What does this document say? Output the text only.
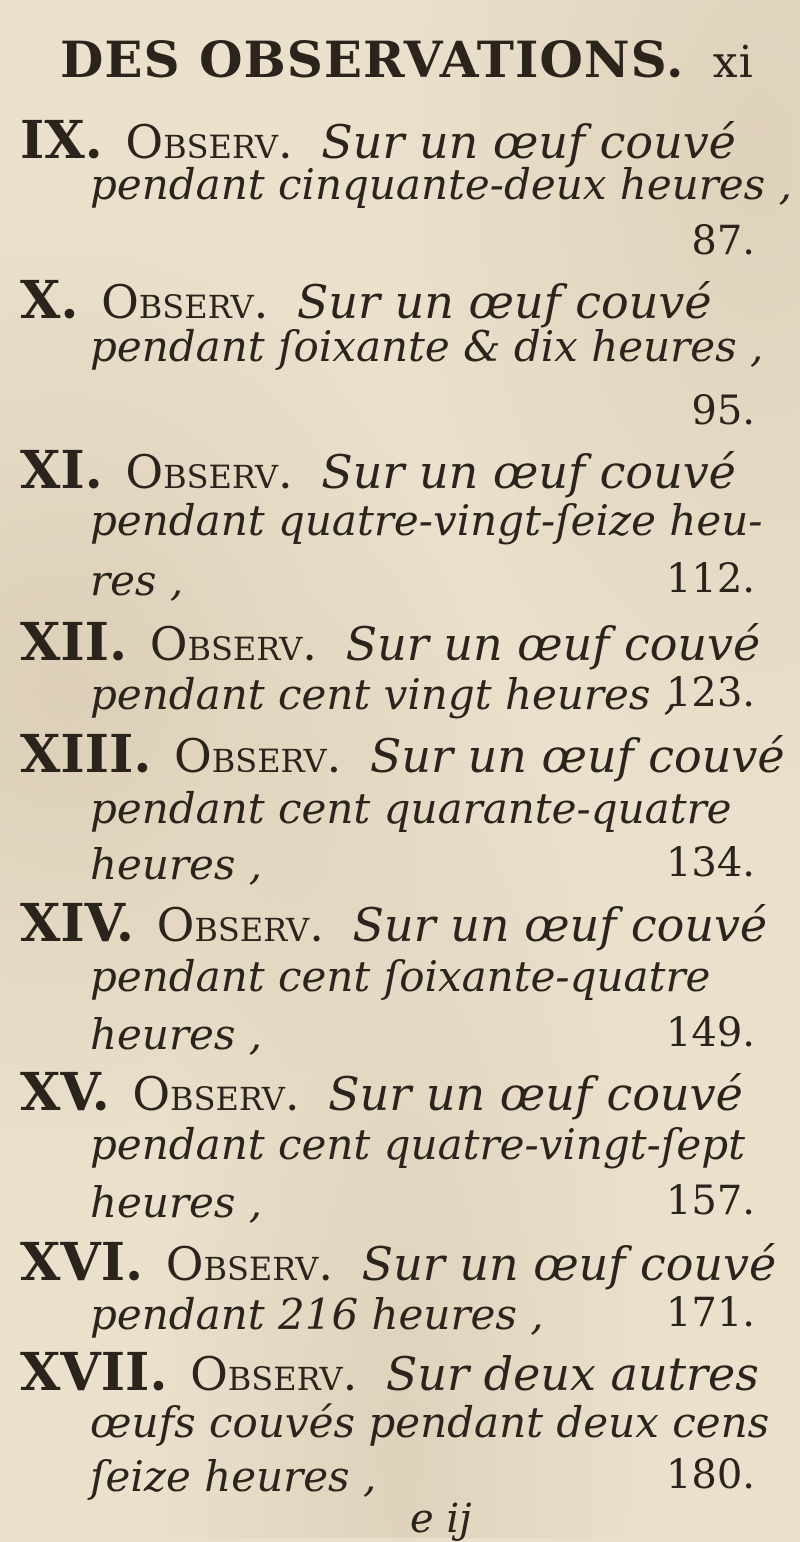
DES OBSERVATIONS. xi
IX. Observ. Sur un œuf couvé
pendant cinquante-deux heures ,
87.
X. Observ. Sur un œuf couvé
pendant ſoixante & dix heures ,
95.
XI. Observ. Sur un œuf couvé
pendant quatre-vingt-ſeize heu-
res ,	112.
XII. Observ. Sur un œuf couvé
pendant cent vingt heures ,
123.
XIII. Observ. Sur un œuf couvé
pendant cent quarante-quatre
heures ,	134.
XIV. Observ. Sur un œuf couvé
pendant cent ſoixante-quatre
heures ,	149.
XV. Observ. Sur un œuf couvé
pendant cent quatre-vingt-ſept
heures ,	157.
XVI. Observ. Sur un œuf couvé
pendant 216 heures ,	171.
XVII. Observ. Sur deux autres
œufs couvés pendant deux cens
ſeize heures ,	180.
e ij
